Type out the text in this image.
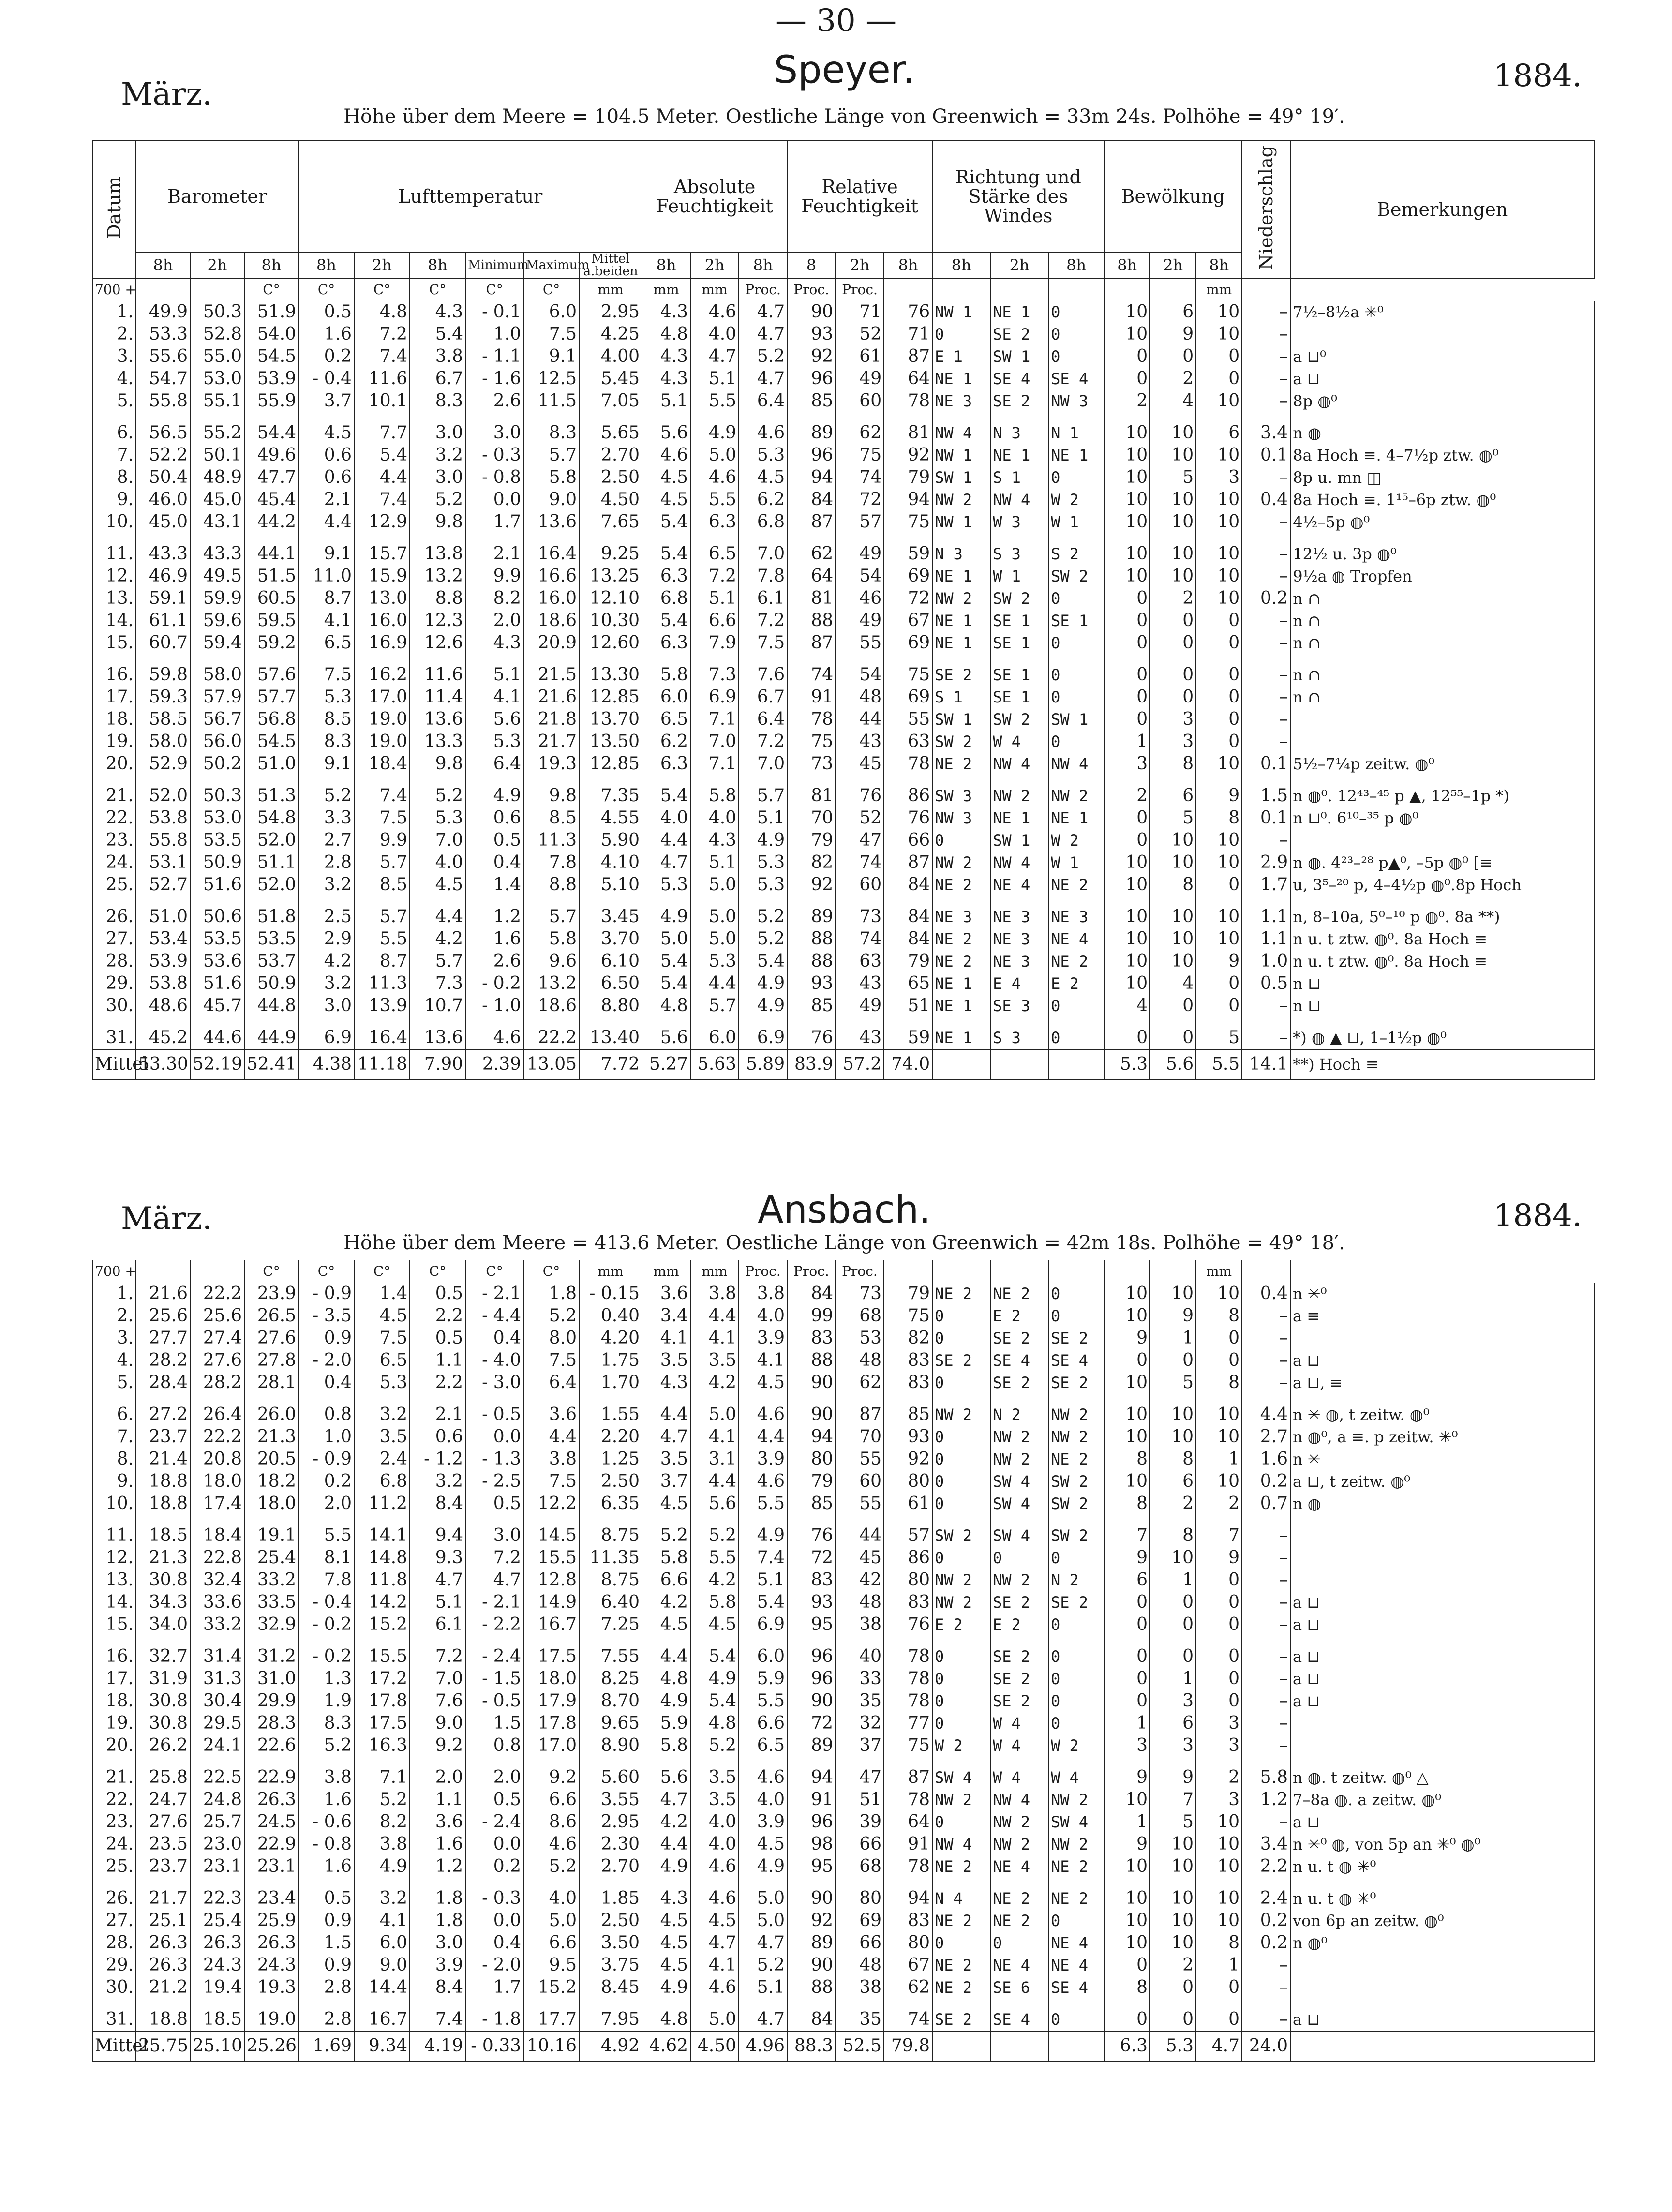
— 30 —
März.
Speyer.	1884.
Höhe über dem Meere = 104.5 Meter. Oestliche Länge von Greenwich = 33m 24s. Polhöhe = 49° 19′.
Datum	Barometer			Lufttemperatur						Absolute Feuchtigkeit			Relative Feuchtigkeit			Richtung und Stärke des Windes			Bewölkung			Niederschlag	Bemerkungen
	8h	2h	8h	8h	2h	8h	Minimum	Maximum	Mittel a.beiden	8h	2h	8h	8	2h	8h	8h	2h	8h	8h	2h	8h		
700 +			C°	C°	C°	C°	C°	C°	mm	mm	mm	Proc.	Proc.	Proc.							mm		
1.	49.9	50.3	51.9	0.5	4.8	4.3	- 0.1	6.0	2.95	4.3	4.6	4.7	90	71	76	NW 1	NE 1	0	10	6	10	–	7½–8½a ✳⁰
2.	53.3	52.8	54.0	1.6	7.2	5.4	1.0	7.5	4.25	4.8	4.0	4.7	93	52	71	0	SE 2	0	10	9	10	–	
3.	55.6	55.0	54.5	0.2	7.4	3.8	- 1.1	9.1	4.00	4.3	4.7	5.2	92	61	87	E 1	SW 1	0	0	0	0	–	a ⊔⁰
4.	54.7	53.0	53.9	- 0.4	11.6	6.7	- 1.6	12.5	5.45	4.3	5.1	4.7	96	49	64	NE 1	SE 4	SE 4	0	2	0	–	a ⊔
5.	55.8	55.1	55.9	3.7	10.1	8.3	2.6	11.5	7.05	5.1	5.5	6.4	85	60	78	NE 3	SE 2	NW 3	2	4	10	–	8p ◍⁰

6.	56.5	55.2	54.4	4.5	7.7	3.0	3.0	8.3	5.65	5.6	4.9	4.6	89	62	81	NW 4	N 3	N 1	10	10	6	3.4	n ◍
7.	52.2	50.1	49.6	0.6	5.4	3.2	- 0.3	5.7	2.70	4.6	5.0	5.3	96	75	92	NW 1	NE 1	NE 1	10	10	10	0.1	8a Hoch ≡. 4–7½p ztw. ◍⁰
8.	50.4	48.9	47.7	0.6	4.4	3.0	- 0.8	5.8	2.50	4.5	4.6	4.5	94	74	79	SW 1	S 1	0	10	5	3	–	8p u. mn ◫
9.	46.0	45.0	45.4	2.1	7.4	5.2	0.0	9.0	4.50	4.5	5.5	6.2	84	72	94	NW 2	NW 4	W 2	10	10	10	0.4	8a Hoch ≡. 1¹⁵–6p ztw. ◍⁰
10.	45.0	43.1	44.2	4.4	12.9	9.8	1.7	13.6	7.65	5.4	6.3	6.8	87	57	75	NW 1	W 3	W 1	10	10	10	–	4½–5p ◍⁰

11.	43.3	43.3	44.1	9.1	15.7	13.8	2.1	16.4	9.25	5.4	6.5	7.0	62	49	59	N 3	S 3	S 2	10	10	10	–	12½ u. 3p ◍⁰
12.	46.9	49.5	51.5	11.0	15.9	13.2	9.9	16.6	13.25	6.3	7.2	7.8	64	54	69	NE 1	W 1	SW 2	10	10	10	–	9½a ◍ Tropfen
13.	59.1	59.9	60.5	8.7	13.0	8.8	8.2	16.0	12.10	6.8	5.1	6.1	81	46	72	NW 2	SW 2	0	0	2	10	0.2	n ∩
14.	61.1	59.6	59.5	4.1	16.0	12.3	2.0	18.6	10.30	5.4	6.6	7.2	88	49	67	NE 1	SE 1	SE 1	0	0	0	–	n ∩
15.	60.7	59.4	59.2	6.5	16.9	12.6	4.3	20.9	12.60	6.3	7.9	7.5	87	55	69	NE 1	SE 1	0	0	0	0	–	n ∩

16.	59.8	58.0	57.6	7.5	16.2	11.6	5.1	21.5	13.30	5.8	7.3	7.6	74	54	75	SE 2	SE 1	0	0	0	0	–	n ∩
17.	59.3	57.9	57.7	5.3	17.0	11.4	4.1	21.6	12.85	6.0	6.9	6.7	91	48	69	S 1	SE 1	0	0	0	0	–	n ∩
18.	58.5	56.7	56.8	8.5	19.0	13.6	5.6	21.8	13.70	6.5	7.1	6.4	78	44	55	SW 1	SW 2	SW 1	0	3	0	–	
19.	58.0	56.0	54.5	8.3	19.0	13.3	5.3	21.7	13.50	6.2	7.0	7.2	75	43	63	SW 2	W 4	0	1	3	0	–	
20.	52.9	50.2	51.0	9.1	18.4	9.8	6.4	19.3	12.85	6.3	7.1	7.0	73	45	78	NE 2	NW 4	NW 4	3	8	10	0.1	5½–7¼p zeitw. ◍⁰

21.	52.0	50.3	51.3	5.2	7.4	5.2	4.9	9.8	7.35	5.4	5.8	5.7	81	76	86	SW 3	NW 2	NW 2	2	6	9	1.5	n ◍⁰. 12⁴³–⁴⁵ p ▲, 12⁵⁵–1p *)
22.	53.8	53.0	54.8	3.3	7.5	5.3	0.6	8.5	4.55	4.0	4.0	5.1	70	52	76	NW 3	NE 1	NE 1	0	5	8	0.1	n ⊔⁰. 6¹⁰–³⁵ p ◍⁰
23.	55.8	53.5	52.0	2.7	9.9	7.0	0.5	11.3	5.90	4.4	4.3	4.9	79	47	66	0	SW 1	W 2	0	10	10	–	
24.	53.1	50.9	51.1	2.8	5.7	4.0	0.4	7.8	4.10	4.7	5.1	5.3	82	74	87	NW 2	NW 4	W 1	10	10	10	2.9	n ◍. 4²³–²⁸ p▲⁰, –5p ◍⁰ [≡
25.	52.7	51.6	52.0	3.2	8.5	4.5	1.4	8.8	5.10	5.3	5.0	5.3	92	60	84	NE 2	NE 4	NE 2	10	8	0	1.7	u, 3⁵–²⁰ p, 4–4½p ◍⁰.8p Hoch

26.	51.0	50.6	51.8	2.5	5.7	4.4	1.2	5.7	3.45	4.9	5.0	5.2	89	73	84	NE 3	NE 3	NE 3	10	10	10	1.1	n, 8–10a, 5⁰–¹⁰ p ◍⁰. 8a **)
27.	53.4	53.5	53.5	2.9	5.5	4.2	1.6	5.8	3.70	5.0	5.0	5.2	88	74	84	NE 2	NE 3	NE 4	10	10	10	1.1	n u. t ztw. ◍⁰. 8a Hoch ≡
28.	53.9	53.6	53.7	4.2	8.7	5.7	2.6	9.6	6.10	5.4	5.3	5.4	88	63	79	NE 2	NE 3	NE 2	10	10	9	1.0	n u. t ztw. ◍⁰. 8a Hoch ≡
29.	53.8	51.6	50.9	3.2	11.3	7.3	- 0.2	13.2	6.50	5.4	4.4	4.9	93	43	65	NE 1	E 4	E 2	10	4	0	0.5	n ⊔
30.	48.6	45.7	44.8	3.0	13.9	10.7	- 1.0	18.6	8.80	4.8	5.7	4.9	85	49	51	NE 1	SE 3	0	4	0	0	–	n ⊔

31.	45.2	44.6	44.9	6.9	16.4	13.6	4.6	22.2	13.40	5.6	6.0	6.9	76	43	59	NE 1	S 3	0	0	0	5	–	*) ◍ ▲ ⊔, 1–1½p ◍⁰
Mittel	53.30	52.19	52.41	4.38	11.18	7.90	2.39	13.05	7.72	5.27	5.63	5.89	83.9	57.2	74.0				5.3	5.6	5.5	14.1	**) Hoch ≡
März.	Ansbach.	1884.
Höhe über dem Meere = 413.6 Meter. Oestliche Länge von Greenwich = 42m 18s. Polhöhe = 49° 18′.
700 +			C°	C°	C°	C°	C°	C°	mm	mm	mm	Proc.	Proc.	Proc.							mm		
1.	21.6	22.2	23.9	- 0.9	1.4	0.5	- 2.1	1.8	- 0.15	3.6	3.8	3.8	84	73	79	NE 2	NE 2	0	10	10	10	0.4	n ✳⁰
2.	25.6	25.6	26.5	- 3.5	4.5	2.2	- 4.4	5.2	0.40	3.4	4.4	4.0	99	68	75	0	E 2	0	10	9	8	–	a ≡
3.	27.7	27.4	27.6	0.9	7.5	0.5	0.4	8.0	4.20	4.1	4.1	3.9	83	53	82	0	SE 2	SE 2	9	1	0	–	
4.	28.2	27.6	27.8	- 2.0	6.5	1.1	- 4.0	7.5	1.75	3.5	3.5	4.1	88	48	83	SE 2	SE 4	SE 4	0	0	0	–	a ⊔
5.	28.4	28.2	28.1	0.4	5.3	2.2	- 3.0	6.4	1.70	4.3	4.2	4.5	90	62	83	0	SE 2	SE 2	10	5	8	–	a ⊔, ≡

6.	27.2	26.4	26.0	0.8	3.2	2.1	- 0.5	3.6	1.55	4.4	5.0	4.6	90	87	85	NW 2	N 2	NW 2	10	10	10	4.4	n ✳ ◍, t zeitw. ◍⁰
7.	23.7	22.2	21.3	1.0	3.5	0.6	0.0	4.4	2.20	4.7	4.1	4.4	94	70	93	0	NW 2	NW 2	10	10	10	2.7	n ◍⁰, a ≡. p zeitw. ✳⁰
8.	21.4	20.8	20.5	- 0.9	2.4	- 1.2	- 1.3	3.8	1.25	3.5	3.1	3.9	80	55	92	0	NW 2	NE 2	8	8	1	1.6	n ✳
9.	18.8	18.0	18.2	0.2	6.8	3.2	- 2.5	7.5	2.50	3.7	4.4	4.6	79	60	80	0	SW 4	SW 2	10	6	10	0.2	a ⊔, t zeitw. ◍⁰
10.	18.8	17.4	18.0	2.0	11.2	8.4	0.5	12.2	6.35	4.5	5.6	5.5	85	55	61	0	SW 4	SW 2	8	2	2	0.7	n ◍

11.	18.5	18.4	19.1	5.5	14.1	9.4	3.0	14.5	8.75	5.2	5.2	4.9	76	44	57	SW 2	SW 4	SW 2	7	8	7	–	
12.	21.3	22.8	25.4	8.1	14.8	9.3	7.2	15.5	11.35	5.8	5.5	7.4	72	45	86	0	0	0	9	10	9	–	
13.	30.8	32.4	33.2	7.8	11.8	4.7	4.7	12.8	8.75	6.6	4.2	5.1	83	42	80	NW 2	NW 2	N 2	6	1	0	–	
14.	34.3	33.6	33.5	- 0.4	14.2	5.1	- 2.1	14.9	6.40	4.2	5.8	5.4	93	48	83	NW 2	SE 2	SE 2	0	0	0	–	a ⊔
15.	34.0	33.2	32.9	- 0.2	15.2	6.1	- 2.2	16.7	7.25	4.5	4.5	6.9	95	38	76	E 2	E 2	0	0	0	0	–	a ⊔

16.	32.7	31.4	31.2	- 0.2	15.5	7.2	- 2.4	17.5	7.55	4.4	5.4	6.0	96	40	78	0	SE 2	0	0	0	0	–	a ⊔
17.	31.9	31.3	31.0	1.3	17.2	7.0	- 1.5	18.0	8.25	4.8	4.9	5.9	96	33	78	0	SE 2	0	0	1	0	–	a ⊔
18.	30.8	30.4	29.9	1.9	17.8	7.6	- 0.5	17.9	8.70	4.9	5.4	5.5	90	35	78	0	SE 2	0	0	3	0	–	a ⊔
19.	30.8	29.5	28.3	8.3	17.5	9.0	1.5	17.8	9.65	5.9	4.8	6.6	72	32	77	0	W 4	0	1	6	3	–	
20.	26.2	24.1	22.6	5.2	16.3	9.2	0.8	17.0	8.90	5.8	5.2	6.5	89	37	75	W 2	W 4	W 2	3	3	3	–	

21.	25.8	22.5	22.9	3.8	7.1	2.0	2.0	9.2	5.60	5.6	3.5	4.6	94	47	87	SW 4	W 4	W 4	9	9	2	5.8	n ◍. t zeitw. ◍⁰ △
22.	24.7	24.8	26.3	1.6	5.2	1.1	0.5	6.6	3.55	4.7	3.5	4.0	91	51	78	NW 2	NW 4	NW 2	10	7	3	1.2	7–8a ◍. a zeitw. ◍⁰
23.	27.6	25.7	24.5	- 0.6	8.2	3.6	- 2.4	8.6	2.95	4.2	4.0	3.9	96	39	64	0	NW 2	SW 4	1	5	10	–	a ⊔
24.	23.5	23.0	22.9	- 0.8	3.8	1.6	0.0	4.6	2.30	4.4	4.0	4.5	98	66	91	NW 4	NW 2	NW 2	9	10	10	3.4	n ✳⁰ ◍, von 5p an ✳⁰ ◍⁰
25.	23.7	23.1	23.1	1.6	4.9	1.2	0.2	5.2	2.70	4.9	4.6	4.9	95	68	78	NE 2	NE 4	NE 2	10	10	10	2.2	n u. t ◍ ✳⁰

26.	21.7	22.3	23.4	0.5	3.2	1.8	- 0.3	4.0	1.85	4.3	4.6	5.0	90	80	94	N 4	NE 2	NE 2	10	10	10	2.4	n u. t ◍ ✳⁰
27.	25.1	25.4	25.9	0.9	4.1	1.8	0.0	5.0	2.50	4.5	4.5	5.0	92	69	83	NE 2	NE 2	0	10	10	10	0.2	von 6p an zeitw. ◍⁰
28.	26.3	26.3	26.3	1.5	6.0	3.0	0.4	6.6	3.50	4.5	4.7	4.7	89	66	80	0	0	NE 4	10	10	8	0.2	n ◍⁰
29.	26.3	24.3	24.3	0.9	9.0	3.9	- 2.0	9.5	3.75	4.5	4.1	5.2	90	48	67	NE 2	NE 4	NE 4	0	2	1	–	
30.	21.2	19.4	19.3	2.8	14.4	8.4	1.7	15.2	8.45	4.9	4.6	5.1	88	38	62	NE 2	SE 6	SE 4	8	0	0	–	

31.	18.8	18.5	19.0	2.8	16.7	7.4	- 1.8	17.7	7.95	4.8	5.0	4.7	84	35	74	SE 2	SE 4	0	0	0	0	–	a ⊔
Mittel	25.75	25.10	25.26	1.69	9.34	4.19	- 0.33	10.16	4.92	4.62	4.50	4.96	88.3	52.5	79.8				6.3	5.3	4.7	24.0	
